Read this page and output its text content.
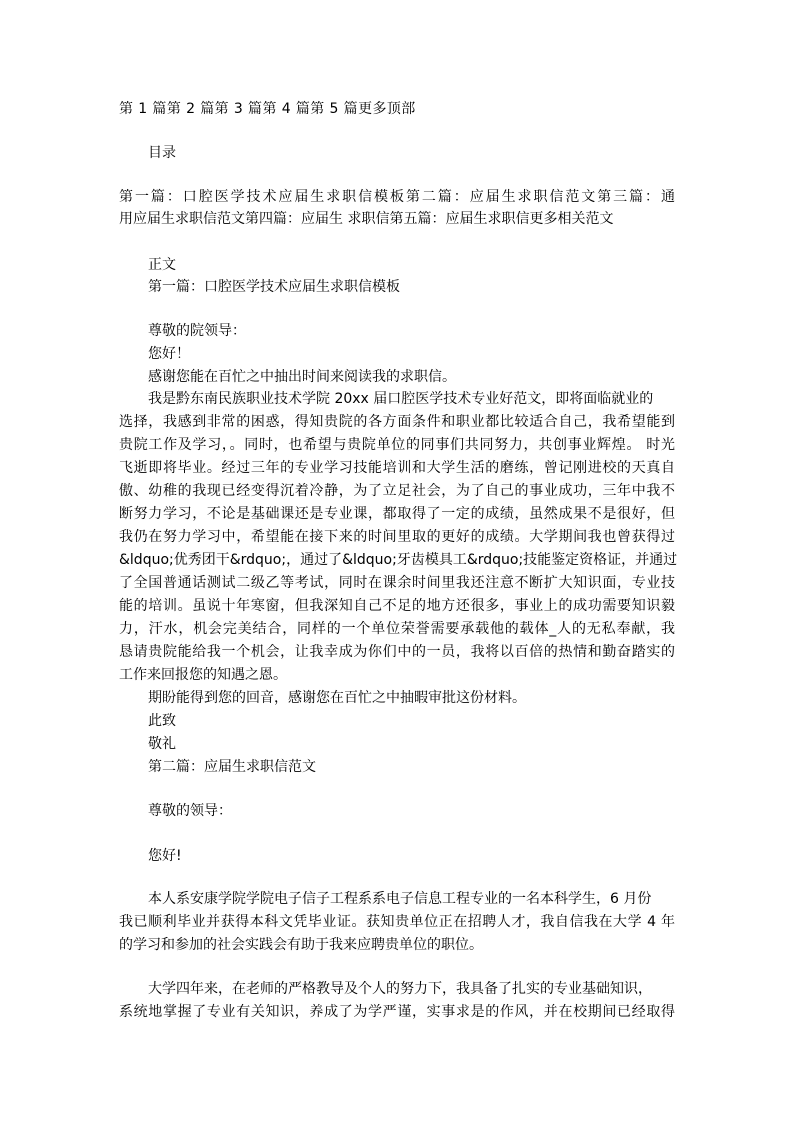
第 1 篇第 2 篇第 3 篇第 4 篇第 5 篇更多顶部
目录
第一篇：口腔医学技术应届生求职信模板第二篇：应届生求职信范文第三篇：通
用应届生求职信范文第四篇：应届生 求职信第五篇：应届生求职信更多相关范文
正文
第一篇：口腔医学技术应届生求职信模板
尊敬的院领导：
您好！
感谢您能在百忙之中抽出时间来阅读我的求职信。
我是黔东南民族职业技术学院 20xx 届口腔医学技术专业好范文，即将面临就业的
选择，我感到非常的困惑，得知贵院的各方面条件和职业都比较适合自己，我希望能到
贵院工作及学习，。同时，也希望与贵院单位的同事们共同努力，共创事业辉煌。 时光
飞逝即将毕业。经过三年的专业学习技能培训和大学生活的磨练，曾记刚进校的天真自
傲、幼稚的我现已经变得沉着冷静，为了立足社会，为了自己的事业成功，三年中我不
断努力学习，不论是基础课还是专业课，都取得了一定的成绩，虽然成果不是很好，但
我仍在努力学习中，希望能在接下来的时间里取的更好的成绩。大学期间我也曾获得过
&ldquo;优秀团干&rdquo;，通过了&ldquo;牙齿模具工&rdquo;技能鉴定资格证，并通过
了全国普通话测试二级乙等考试，同时在课余时间里我还注意不断扩大知识面，专业技
能的培训。虽说十年寒窗，但我深知自己不足的地方还很多，事业上的成功需要知识毅
力，汗水，机会完美结合，同样的一个单位荣誉需要承载他的载体_人的无私奉献，我
恳请贵院能给我一个机会，让我幸成为你们中的一员，我将以百倍的热情和勤奋踏实的
工作来回报您的知遇之恩。
期盼能得到您的回音，感谢您在百忙之中抽暇审批这份材料。
此致
敬礼
第二篇：应届生求职信范文
尊敬的领导：
您好!
本人系安康学院学院电子信子工程系系电子信息工程专业的一名本科学生，6 月份
我已顺利毕业并获得本科文凭毕业证。获知贵单位正在招聘人才，我自信我在大学 4 年
的学习和参加的社会实践会有助于我来应聘贵单位的职位。
大学四年来，在老师的严格教导及个人的努力下，我具备了扎实的专业基础知识，
系统地掌握了专业有关知识，养成了为学严谨，实事求是的作风，并在校期间已经取得
